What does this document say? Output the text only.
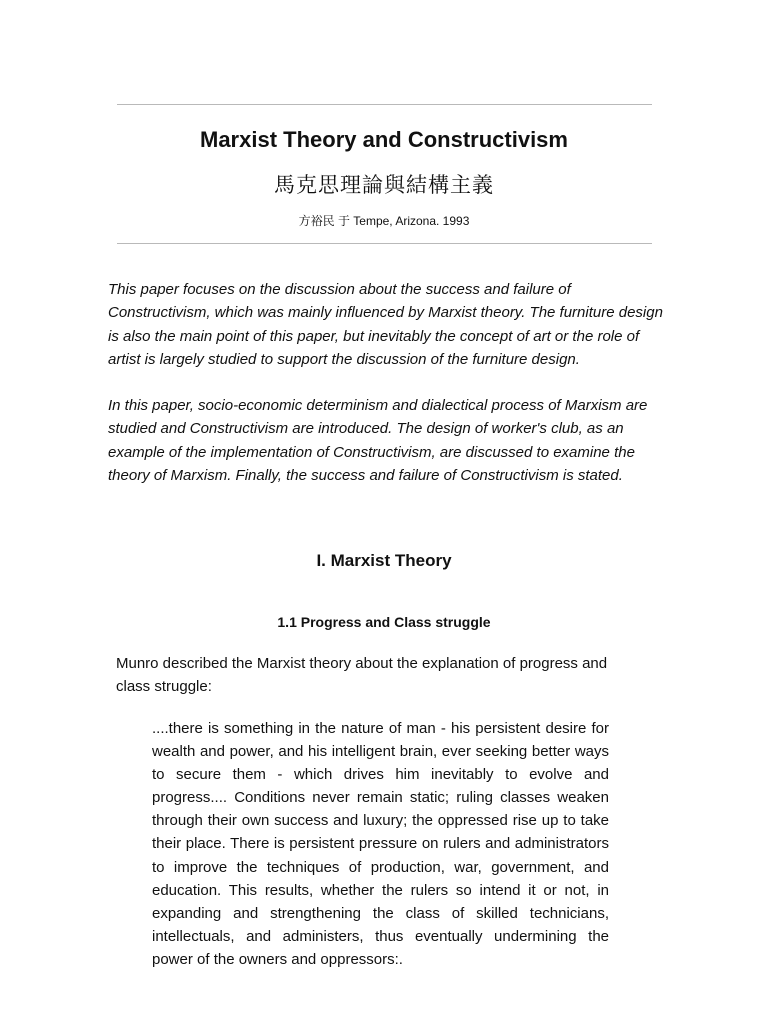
Marxist Theory and Constructivism
馬克思理論與結構主義
方裕民 于 Tempe, Arizona. 1993

This paper focuses on the discussion about the success and failure of Constructivism, which was mainly influenced by Marxist theory. The furniture design is also the main point of this paper, but inevitably the concept of art or the role of artist is largely studied to support the discussion of the furniture design.

In this paper, socio-economic determinism and dialectical process of Marxism are studied and Constructivism are introduced. The design of worker's club, as an example of the implementation of Constructivism, are discussed to examine the theory of Marxism. Finally, the success and failure of Constructivism is stated.

I. Marxist Theory
1.1 Progress and Class struggle

Munro described the Marxist theory about the explanation of progress and class struggle:

....there is something in the nature of man - his persistent desire for wealth and power, and his intelligent brain, ever seeking better ways to secure them - which drives him inevitably to evolve and progress.... Conditions never remain static; ruling classes weaken through their own success and luxury; the oppressed rise up to take their place. There is persistent pressure on rulers and administrators to improve the techniques of production, war, government, and education. This results, whether the rulers so intend it or not, in expanding and strengthening the class of skilled technicians, intellectuals, and administers, thus eventually undermining the power of the owners and oppressors:.
